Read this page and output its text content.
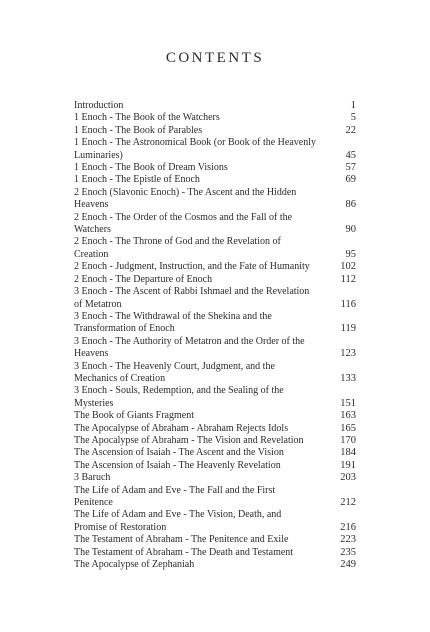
CONTENTS
Introduction	1
1 Enoch - The Book of the Watchers	5
1 Enoch - The Book of Parables	22
1 Enoch - The Astronomical Book (or Book of the Heavenly Luminaries)	45
1 Enoch - The Book of Dream Visions	57
1 Enoch - The Epistle of Enoch	69
2 Enoch (Slavonic Enoch) - The Ascent and the Hidden Heavens	86
2 Enoch - The Order of the Cosmos and the Fall of the Watchers	90
2 Enoch - The Throne of God and the Revelation of Creation	95
2 Enoch - Judgment, Instruction, and the Fate of Humanity	102
2 Enoch - The Departure of Enoch	112
3 Enoch - The Ascent of Rabbi Ishmael and the Revelation of Metatron	116
3 Enoch - The Withdrawal of the Shekina and the Transformation of Enoch	119
3 Enoch - The Authority of Metatron and the Order of the Heavens	123
3 Enoch - The Heavenly Court, Judgment, and the Mechanics of Creation	133
3 Enoch - Souls, Redemption, and the Sealing of the Mysteries	151
The Book of Giants Fragment	163
The Apocalypse of Abraham - Abraham Rejects Idols	165
The Apocalypse of Abraham - The Vision and Revelation	170
The Ascension of Isaiah - The Ascent and the Vision	184
The Ascension of Isaiah - The Heavenly Revelation	191
3 Baruch	203
The Life of Adam and Eve - The Fall and the First Penitence	212
The Life of Adam and Eve - The Vision, Death, and Promise of Restoration	216
The Testament of Abraham - The Penitence and Exile	223
The Testament of Abraham - The Death and Testament	235
The Apocalypse of Zephaniah	249
